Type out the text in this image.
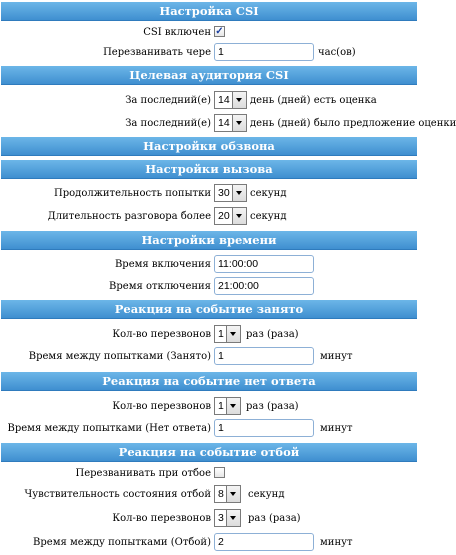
Настройка CSI
CSI включен ✓
Перезванивать чере 1	час(ов)
Целевая аудитория CSI
За последний(е) 14 день (дней) есть оценка
За последний(е) 14 день (дней) было предложение оценки
Настройки обзвона
Настройки вызова
Продолжительность попытки 30 секунд
Длительность разговора более 20 секунд
Настройки времени
Время включения 11:00:00
Время отключения 21:00:00
Реакция на событие занято
Кол-во перезвонов 1 раз (раза)
Время между попытками (Занято) 1	минут
Реакция на событие нет ответа
Кол-во перезвонов 1 раз (раза)
Время между попытками (Нет ответа) 1	минут
Реакция на событие отбой
Перезванивать при отбое
Чувствительность состояния отбой 8 секунд
Кол-во перезвонов 3 раз (раза)
Время между попытками (Отбой) 2	минут
